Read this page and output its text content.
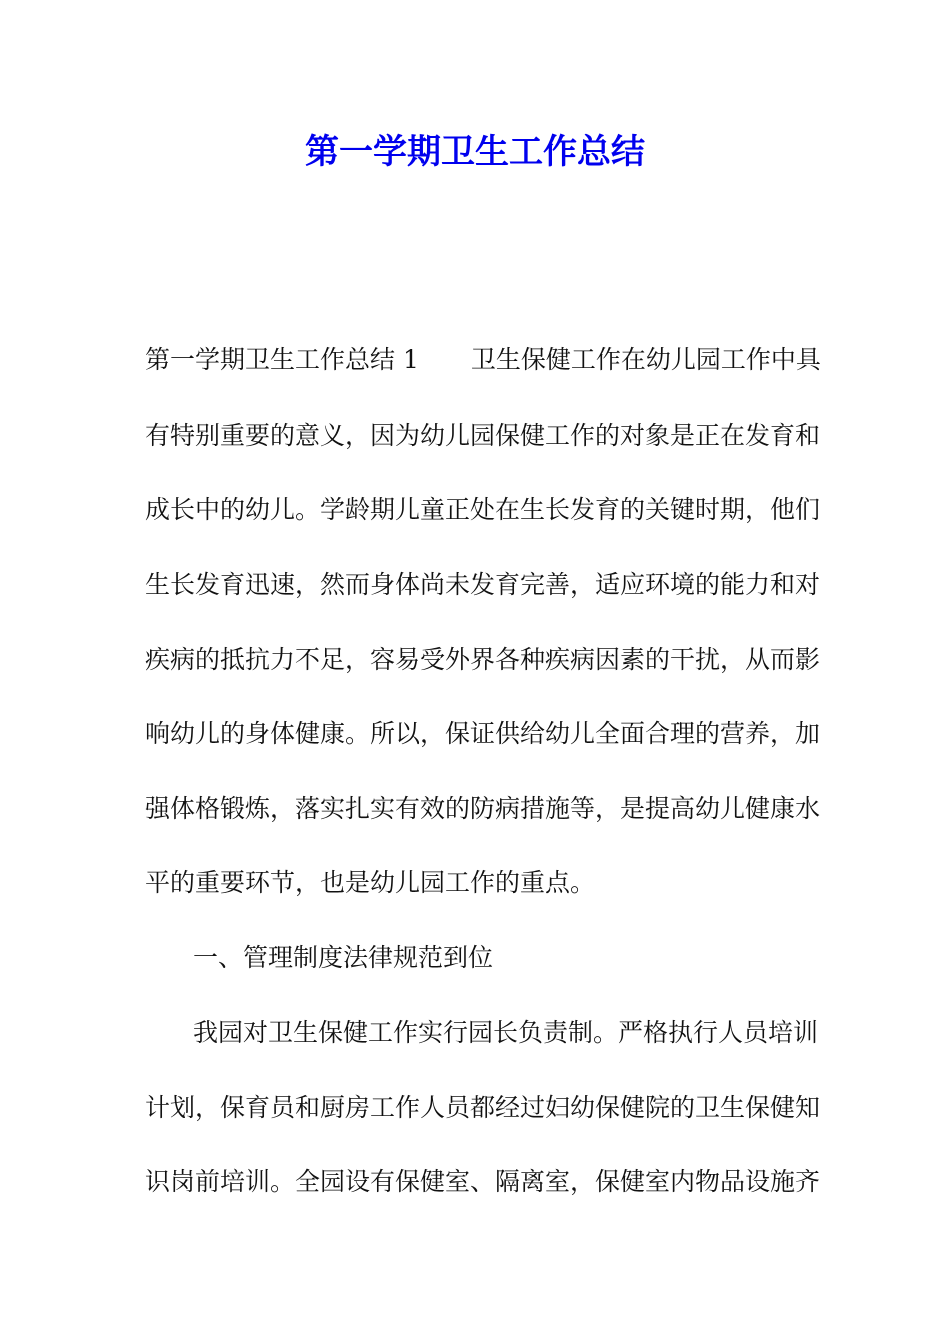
第一学期卫生工作总结
第一学期卫生工作总结 1 卫生保健工作在幼儿园工作中具
有特别重要的意义，因为幼儿园保健工作的对象是正在发育和
成长中的幼儿。学龄期儿童正处在生长发育的关键时期，他们
生长发育迅速，然而身体尚未发育完善，适应环境的能力和对
疾病的抵抗力不足，容易受外界各种疾病因素的干扰，从而影
响幼儿的身体健康。所以，保证供给幼儿全面合理的营养，加
强体格锻炼，落实扎实有效的防病措施等，是提高幼儿健康水
平的重要环节，也是幼儿园工作的重点。
一、管理制度法律规范到位
我园对卫生保健工作实行园长负责制。严格执行人员培训
计划，保育员和厨房工作人员都经过妇幼保健院的卫生保健知
识岗前培训。全园设有保健室、隔离室，保健室内物品设施齐
